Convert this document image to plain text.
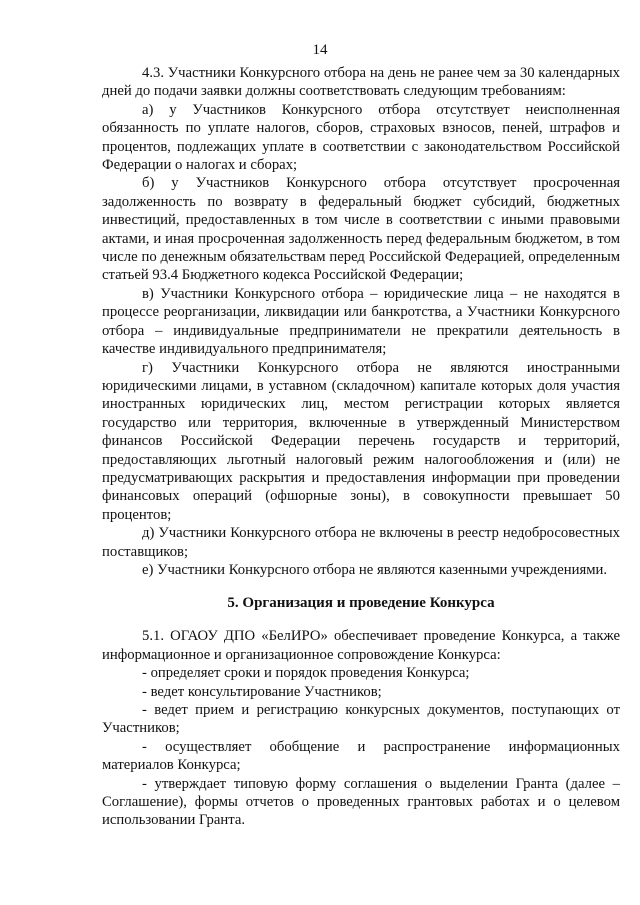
14

4.3. Участники Конкурсного отбора на день не ранее чем за 30 календарных дней до подачи заявки должны соответствовать следующим требованиям:

а) у Участников Конкурсного отбора отсутствует неисполненная обязанность по уплате налогов, сборов, страховых взносов, пеней, штрафов и процентов, подлежащих уплате в соответствии с законодательством Российской Федерации о налогах и сборах;

б) у Участников Конкурсного отбора отсутствует просроченная задолженность по возврату в федеральный бюджет субсидий, бюджетных инвестиций, предоставленных в том числе в соответствии с иными правовыми актами, и иная просроченная задолженность перед федеральным бюджетом, в том числе по денежным обязательствам перед Российской Федерацией, определенным статьей 93.4 Бюджетного кодекса Российской Федерации;

в) Участники Конкурсного отбора – юридические лица – не находятся в процессе реорганизации, ликвидации или банкротства, а Участники Конкурсного отбора – индивидуальные предприниматели не прекратили деятельность в качестве индивидуального предпринимателя;

г) Участники Конкурсного отбора не являются иностранными юридическими лицами, в уставном (складочном) капитале которых доля участия иностранных юридических лиц, местом регистрации которых является государство или территория, включенные в утвержденный Министерством финансов Российской Федерации перечень государств и территорий, предоставляющих льготный налоговый режим налогообложения и (или) не предусматривающих раскрытия и предоставления информации при проведении финансовых операций (офшорные зоны), в совокупности превышает 50 процентов;

д) Участники Конкурсного отбора не включены в реестр недобросовестных поставщиков;

е) Участники Конкурсного отбора не являются казенными учреждениями.

5. Организация и проведение Конкурса

5.1. ОГАОУ ДПО «БелИРО» обеспечивает проведение Конкурса, а также информационное и организационное сопровождение Конкурса:

- определяет сроки и порядок проведения Конкурса;

- ведет консультирование Участников;

- ведет прием и регистрацию конкурсных документов, поступающих от Участников;

- осуществляет обобщение и распространение информационных материалов Конкурса;

- утверждает типовую форму соглашения о выделении Гранта (далее – Соглашение), формы отчетов о проведенных грантовых работах и о целевом использовании Гранта.
